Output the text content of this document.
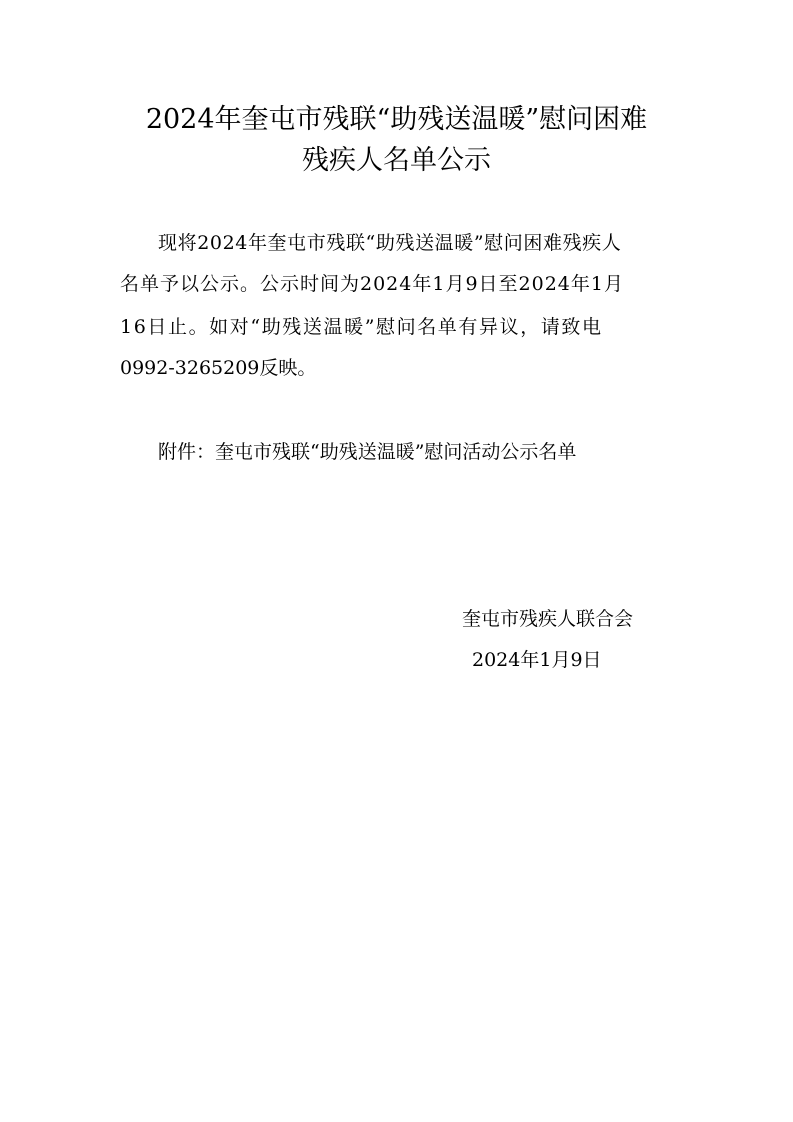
2024年奎屯市残联“助残送温暖”慰问困难
残疾人名单公示

现将2024年奎屯市残联“助残送温暖”慰问困难残疾人

名单予以公示。公示时间为2024年1月9日至2024年1月

16日止。如对“助残送温暖”慰问名单有异议，请致电

0992-3265209反映。

附件：奎屯市残联“助残送温暖”慰问活动公示名单

奎屯市残疾人联合会
2024年1月9日
